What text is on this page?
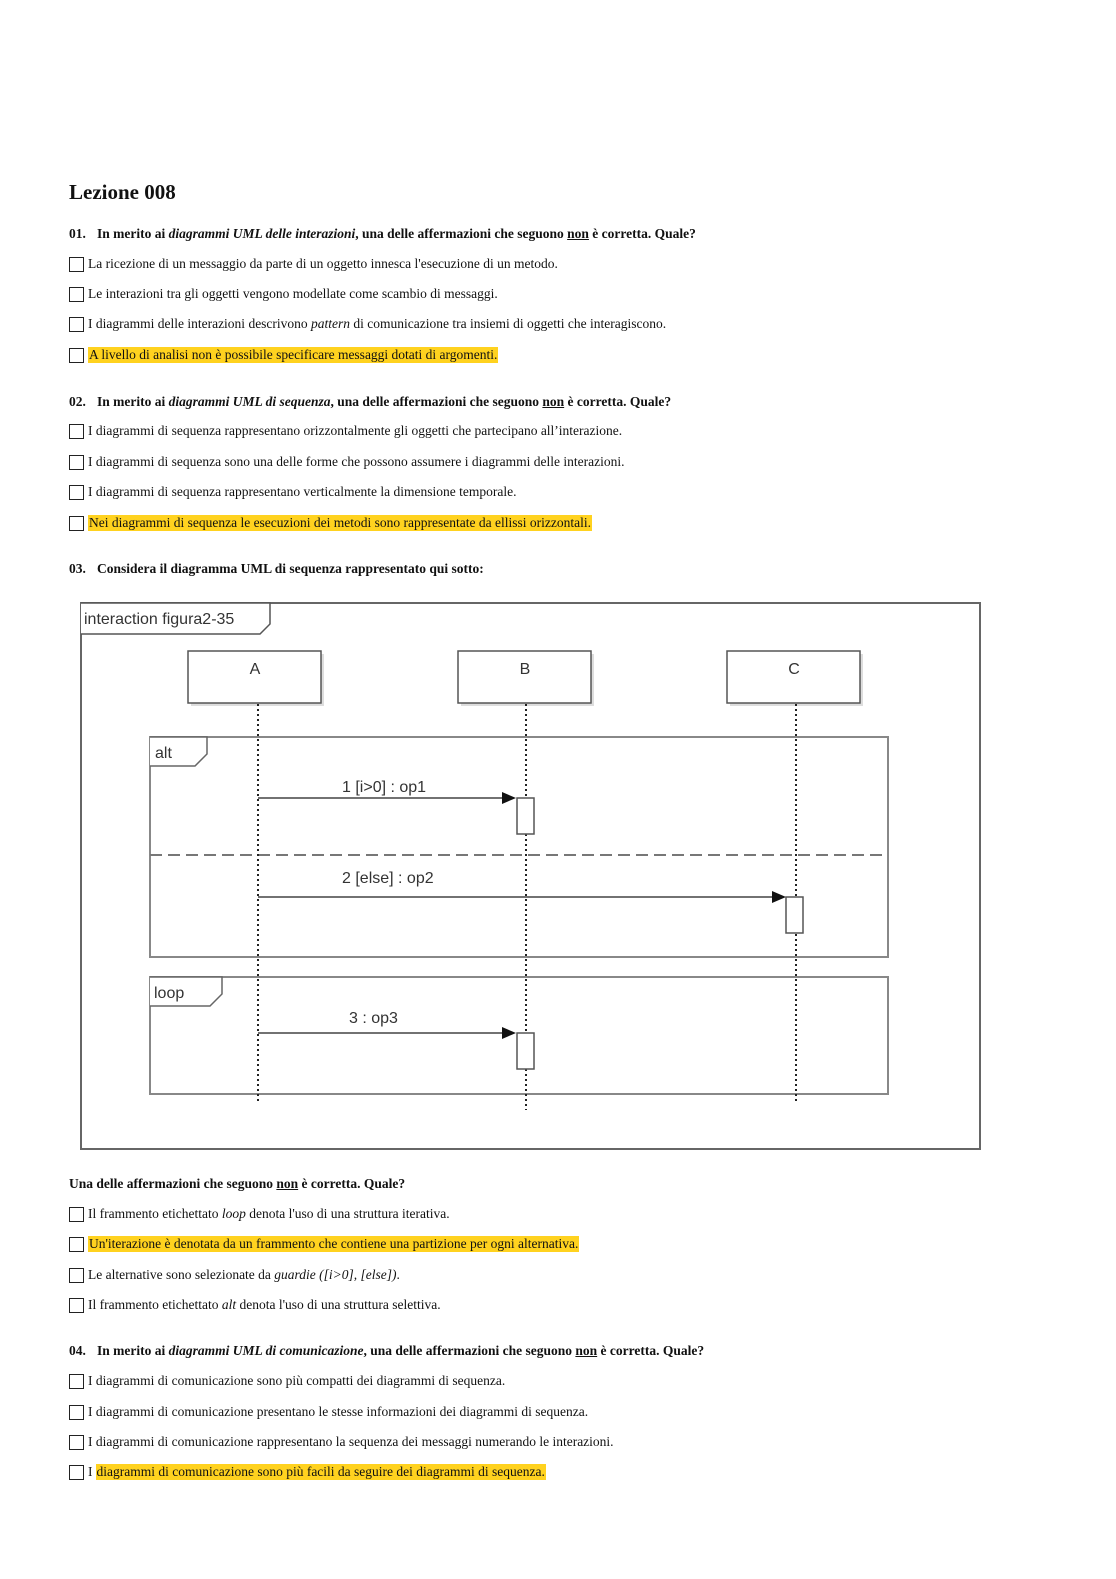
Lezione 008
01. In merito ai diagrammi UML delle interazioni, una delle affermazioni che seguono non è corretta. Quale?
La ricezione di un messaggio da parte di un oggetto innesca l'esecuzione di un metodo.
Le interazioni tra gli oggetti vengono modellate come scambio di messaggi.
I diagrammi delle interazioni descrivono pattern di comunicazione tra insiemi di oggetti che interagiscono.
A livello di analisi non è possibile specificare messaggi dotati di argomenti.
02. In merito ai diagrammi UML di sequenza, una delle affermazioni che seguono non è corretta. Quale?
I diagrammi di sequenza rappresentano orizzontalmente gli oggetti che partecipano all’interazione.
I diagrammi di sequenza sono una delle forme che possono assumere i diagrammi delle interazioni.
I diagrammi di sequenza rappresentano verticalmente la dimensione temporale.
Nei diagrammi di sequenza le esecuzioni dei metodi sono rappresentate da ellissi orizzontali.
03. Considera il diagramma UML di sequenza rappresentato qui sotto:
interaction figura2-35
A	B	C
alt
loop
1 [i>0] : op1
2 [else] : op2
3 : op3
Una delle affermazioni che seguono non è corretta. Quale?
Il frammento etichettato loop denota l'uso di una struttura iterativa.
Un'iterazione è denotata da un frammento che contiene una partizione per ogni alternativa.
Le alternative sono selezionate da guardie ([i>0], [else]).
Il frammento etichettato alt denota l'uso di una struttura selettiva.
04. In merito ai diagrammi UML di comunicazione, una delle affermazioni che seguono non è corretta. Quale?
I diagrammi di comunicazione sono più compatti dei diagrammi di sequenza.
I diagrammi di comunicazione presentano le stesse informazioni dei diagrammi di sequenza.
I diagrammi di comunicazione rappresentano la sequenza dei messaggi numerando le interazioni.
I diagrammi di comunicazione sono più facili da seguire dei diagrammi di sequenza.
